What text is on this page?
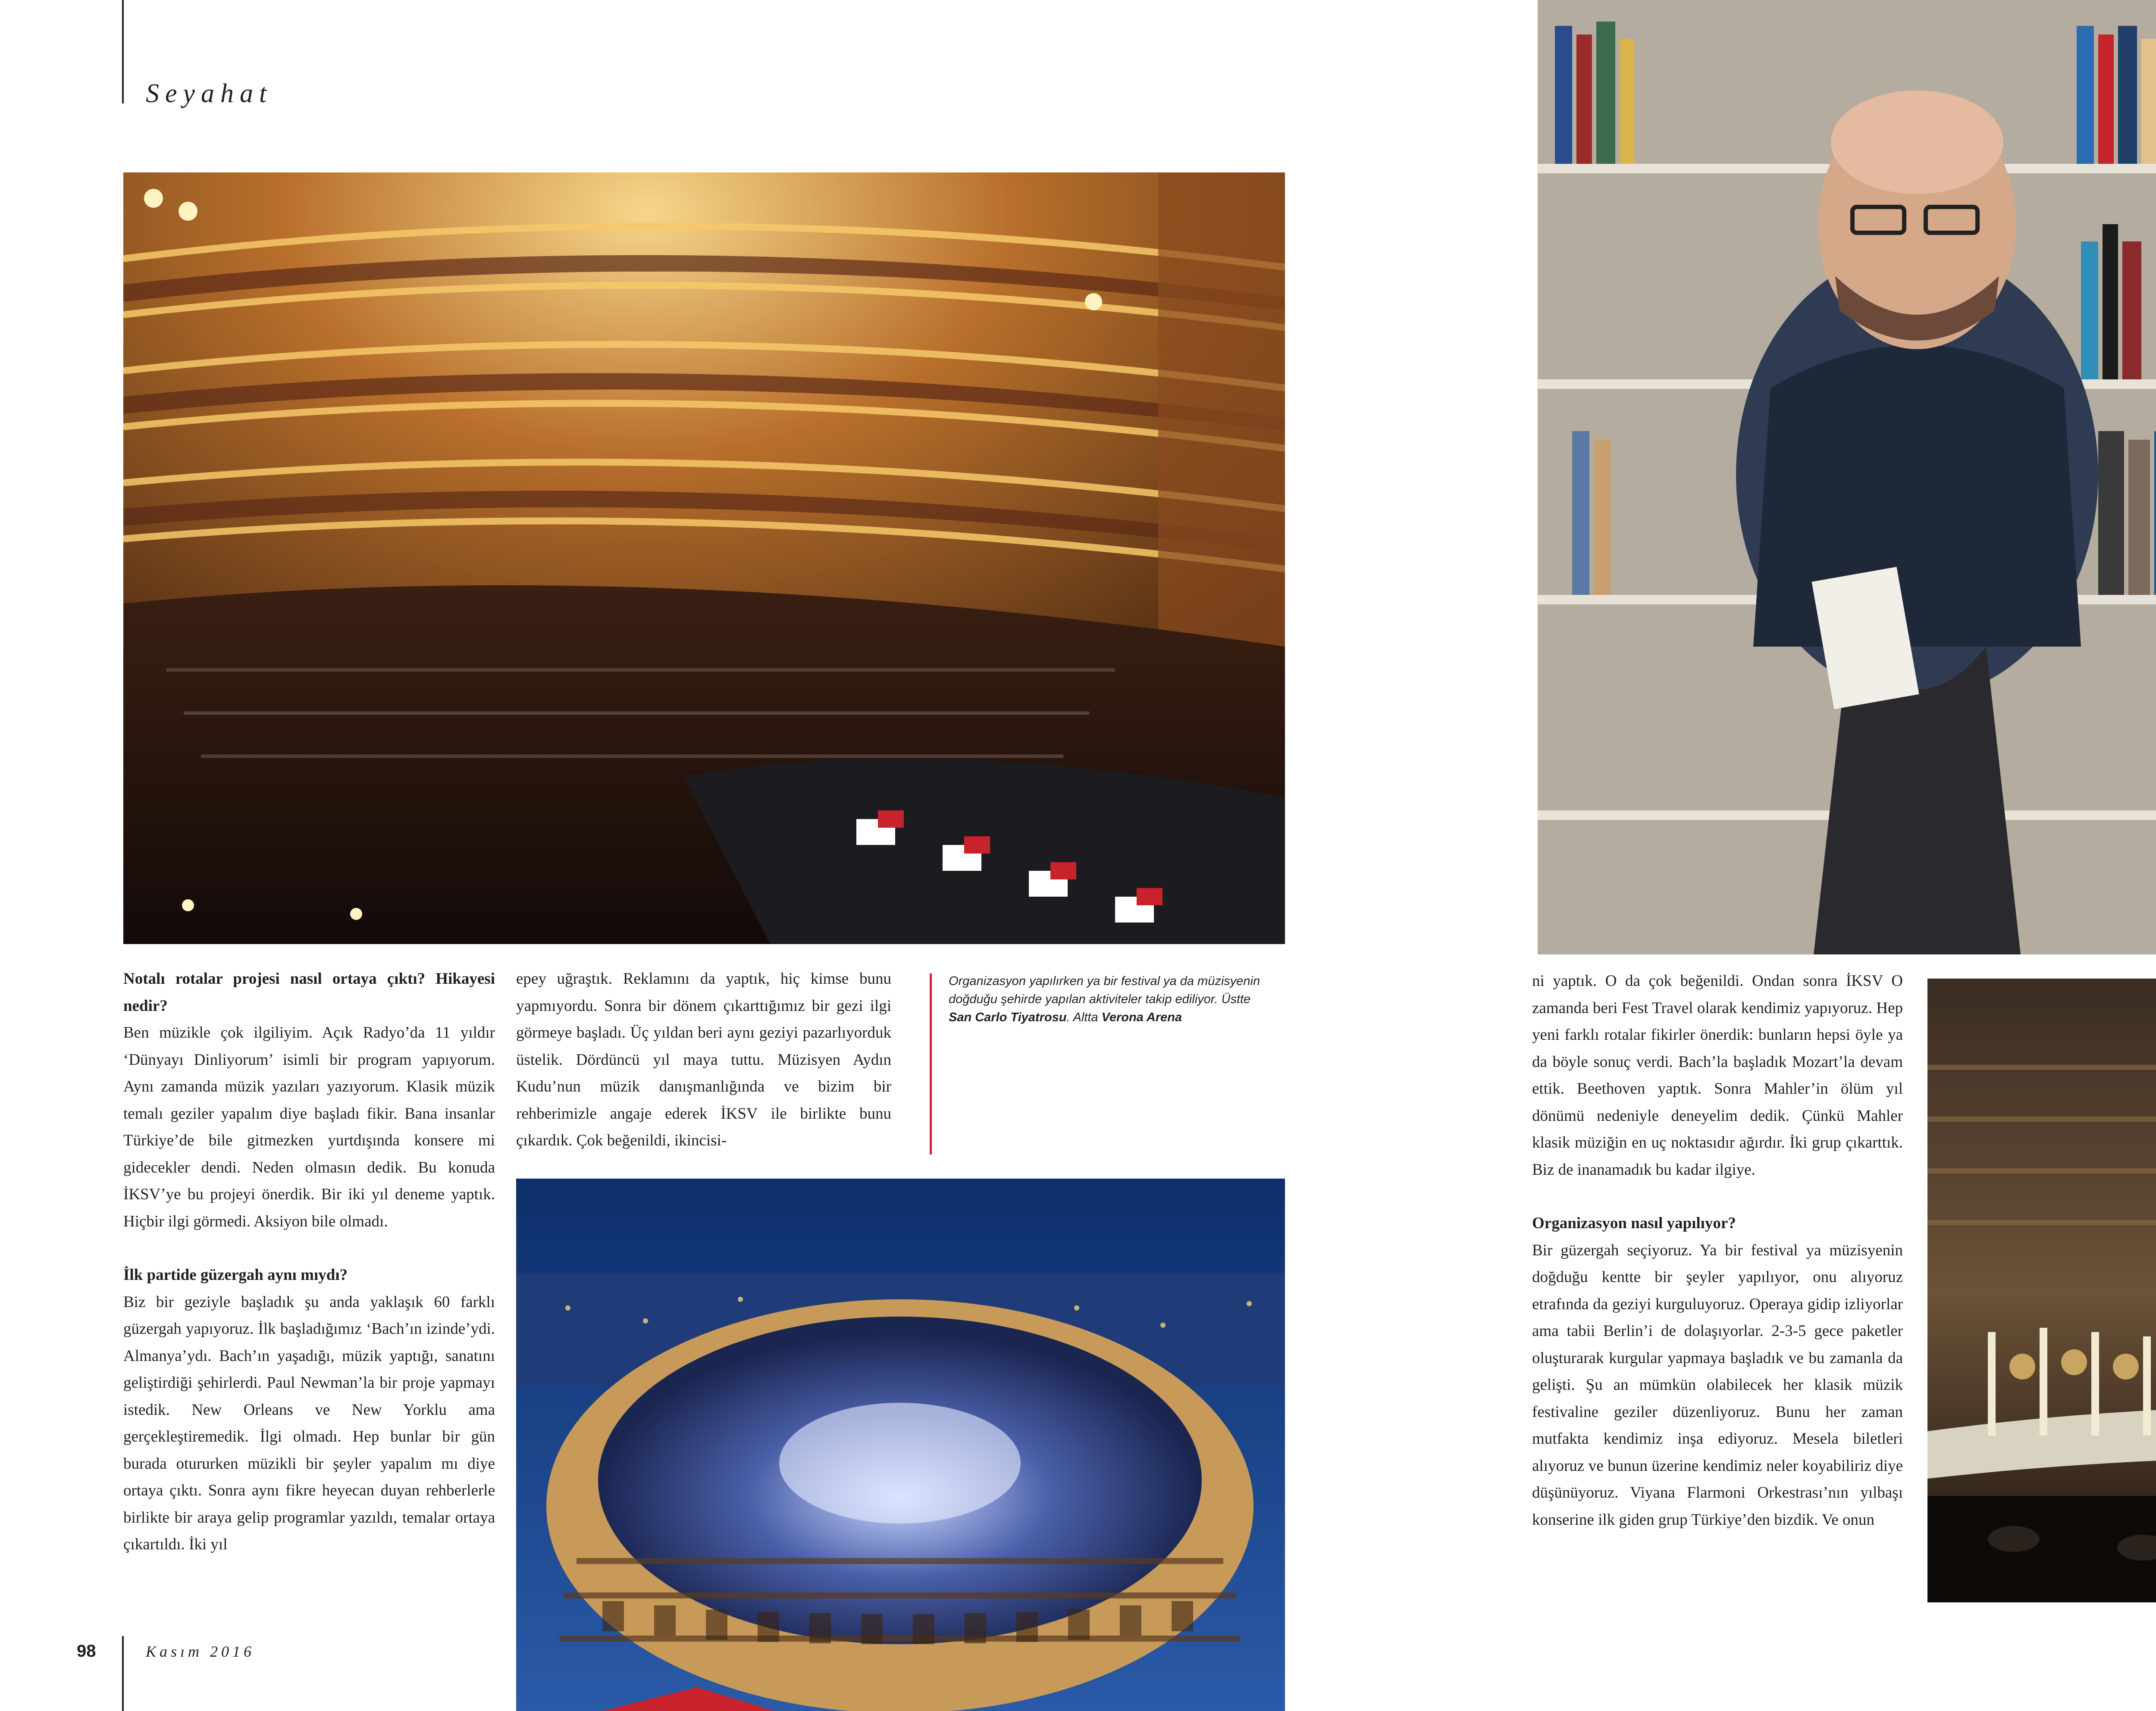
Seyahat
Notalı rotalar projesi nasıl ortaya çıktı? Hikayesi nedir?

Ben müzikle çok ilgiliyim. Açık Radyo’da 11 yıldır ‘Dünyayı Dinliyorum’ isimli bir program yapıyorum. Aynı zamanda müzik yazıları yazıyorum. Klasik müzik temalı geziler yapalım diye başladı fikir. Bana insanlar Türkiye’de bile gitmezken yurtdışında konsere mi gidecekler dendi. Neden olmasın dedik. Bu konuda İKSV’ye bu projeyi önerdik. Bir iki yıl deneme yaptık. Hiçbir ilgi görmedi. Aksiyon bile olmadı.

İlk partide güzergah aynı mıydı?

Biz bir geziyle başladık şu anda yaklaşık 60 farklı güzergah yapıyoruz. İlk başladığımız ‘Bach’ın izinde’ydi. Almanya’ydı. Bach’ın yaşadığı, müzik yaptığı, sanatını geliştirdiği şehirlerdi. Paul Newman’la bir proje yapmayı istedik. New Orleans ve New Yorklu ama gerçekleştiremedik. İlgi olmadı. Hep bunlar bir gün burada otururken müzikli bir şeyler yapalım mı diye ortaya çıktı. Sonra aynı fikre heyecan duyan rehberlerle birlikte bir araya gelip programlar yazıldı, temalar ortaya çıkartıldı. İki yıl

epey uğraştık. Reklamını da yaptık, hiç kimse bunu yapmıyordu. Sonra bir dönem çıkarttığımız bir gezi ilgi görmeye başladı. Üç yıldan beri aynı geziyi pazarlıyorduk üstelik. Dördüncü yıl maya tuttu. Müzisyen Aydın Kudu’nun müzik danışmanlığında ve bizim bir rehberimizle angaje ederek İKSV ile birlikte bunu çıkardık. Çok beğenildi, ikincisi-

Organizasyon yapılırken ya bir festival ya da müzisyenin doğduğu şehirde yapılan aktiviteler takip ediliyor. Üstte San Carlo Tiyatrosu. Altta Verona Arena
98	Kasım 2016

ni yaptık. O da çok beğenildi. Ondan sonra İKSV O zamanda beri Fest Travel olarak kendimiz yapıyoruz. Hep yeni farklı rotalar fikirler önerdik: bunların hepsi öyle ya da böyle sonuç verdi. Bach’la başladık Mozart’la devam ettik. Beethoven yaptık. Sonra Mahler’in ölüm yıl dönümü nedeniyle deneyelim dedik. Çünkü Mahler klasik müziğin en uç noktasıdır ağırdır. İki grup çıkarttık. Biz de inanamadık bu kadar ilgiye.

Organizasyon nasıl yapılıyor?

Bir güzergah seçiyoruz. Ya bir festival ya müzisyenin doğduğu kentte bir şeyler yapılıyor, onu alıyoruz etrafında da geziyi kurguluyoruz. Operaya gidip izliyorlar ama tabii Berlin’i de dolaşıyorlar. 2-3-5 gece paketler oluşturarak kurgular yapmaya başladık ve bu zamanla da gelişti. Şu an mümkün olabilecek her klasik müzik festivaline geziler düzenliyoruz. Bunu her zaman mutfakta kendimiz inşa ediyoruz. Mesela biletleri alıyoruz ve bunun üzerine kendimiz neler koyabiliriz diye düşünüyoruz. Viyana Flarmoni Orkestrası’nın yılbaşı konserine ilk giden grup Türkiye’den bizdik. Ve onun
